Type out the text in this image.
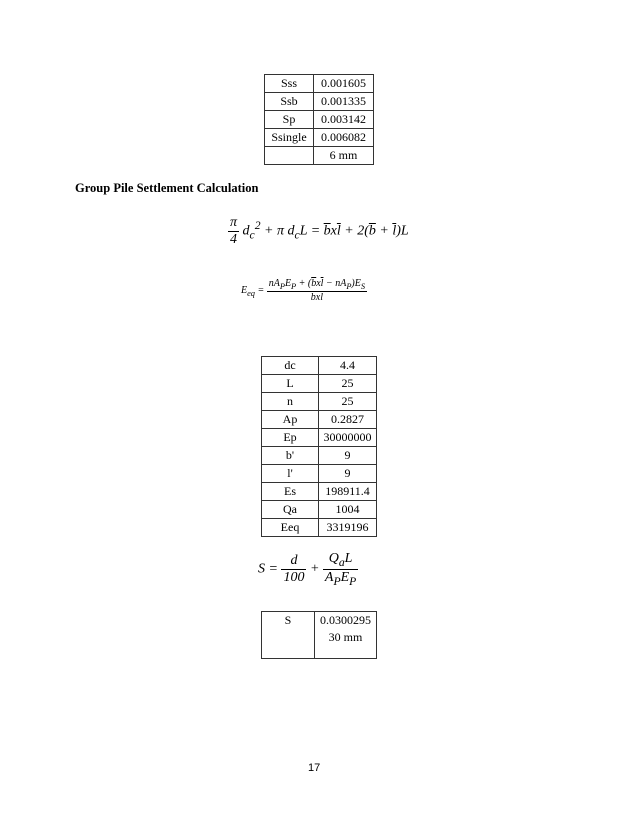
Sss	0.001605
Ssb	0.001335
Sp	0.003142
Ssingle	0.006082
	6 mm
Group Pile Settlement Calculation
$\frac{\pi}{4} d_c^2 + \pi$ $d_cL = \overline{b}x\overline{l} + 2(\overline{b} + \overline{l})L$
$E_{eq} = \frac{nA_PE_P + (\overline{b}x\overline{l} - nA_P)E_S}{\overline{b}x\overline{l}}$
dc	4.4
L	25
n	25
Ap	0.2827
Ep	30000000
b'	9
l'	9
Es	198911.4
Qa	1004
Eeq	3319196
$S = \frac{d}{100} + \frac{Q_aL}{A_PE_P}$
S	0.0300295
30 mm
17
